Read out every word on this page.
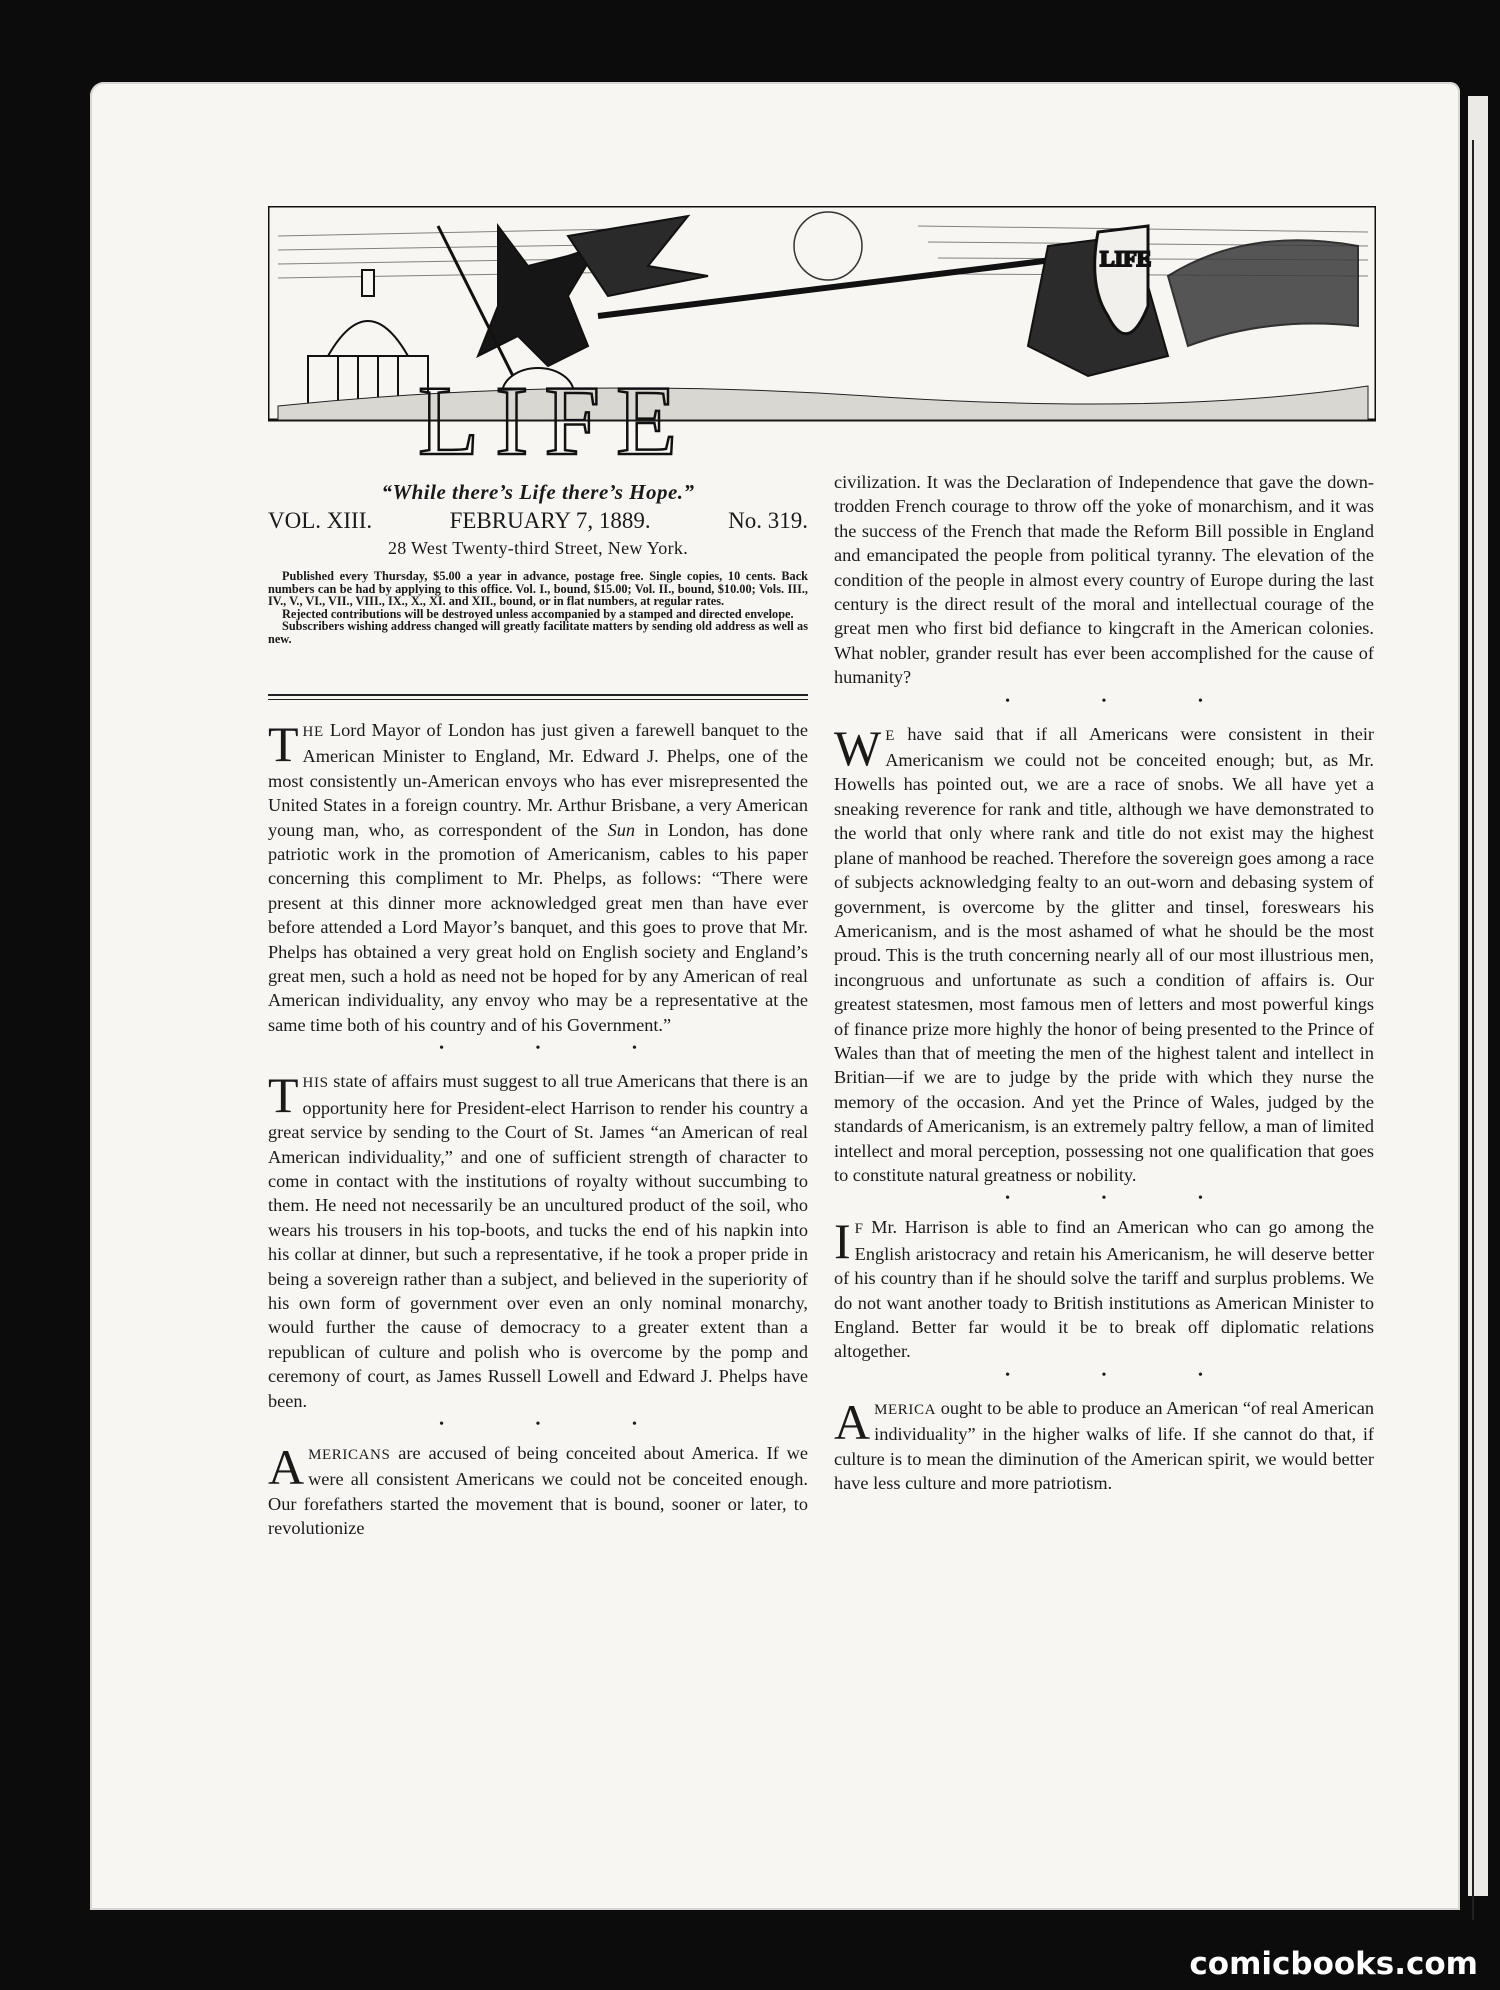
LIFE
LIFE
“While there’s Life there’s Hope.”
VOL. XIII.	FEBRUARY 7, 1889.	No. 319.
28 West Twenty-third Street, New York.

Published every Thursday, $5.00 a year in advance, postage free. Single copies, 10 cents. Back numbers can be had by applying to this office. Vol. I., bound, $15.00; Vol. II., bound, $10.00; Vols. III., IV., V., VI., VII., VIII., IX., X., XI. and XII., bound, or in flat numbers, at regular rates.

Rejected contributions will be destroyed unless accompanied by a stamped and directed envelope.

Subscribers wishing address changed will greatly facilitate matters by sending old address as well as new.

THE Lord Mayor of London has just given a farewell banquet to the American Minister to England, Mr. Edward J. Phelps, one of the most consistently un-American envoys who has ever misrepresented the United States in a foreign country. Mr. Arthur Brisbane, a very American young man, who, as correspondent of the Sun in London, has done patriotic work in the promotion of Americanism, cables to his paper concerning this compliment to Mr. Phelps, as follows: “There were present at this dinner more acknowledged great men than have ever before attended a Lord Mayor’s banquet, and this goes to prove that Mr. Phelps has obtained a very great hold on English society and England’s great men, such a hold as need not be hoped for by any American of real American individuality, any envoy who may be a representative at the same time both of his country and of his Government.”

• • •

THIS state of affairs must suggest to all true Americans that there is an opportunity here for President-elect Harrison to render his country a great service by sending to the Court of St. James “an American of real American individuality,” and one of sufficient strength of character to come in contact with the institutions of royalty without succumbing to them. He need not necessarily be an uncultured product of the soil, who wears his trousers in his top-boots, and tucks the end of his napkin into his collar at dinner, but such a representative, if he took a proper pride in being a sovereign rather than a subject, and believed in the superiority of his own form of government over even an only nominal monarchy, would further the cause of democracy to a greater extent than a republican of culture and polish who is overcome by the pomp and ceremony of court, as James Russell Lowell and Edward J. Phelps have been.

• • •

AMERICANS are accused of being conceited about America. If we were all consistent Americans we could not be conceited enough. Our forefathers started the movement that is bound, sooner or later, to revolutionize

civilization. It was the Declaration of Independence that gave the down-trodden French courage to throw off the yoke of monarchism, and it was the success of the French that made the Reform Bill possible in England and emancipated the people from political tyranny. The elevation of the condition of the people in almost every country of Europe during the last century is the direct result of the moral and intellectual courage of the great men who first bid defiance to kingcraft in the American colonies. What nobler, grander result has ever been accomplished for the cause of humanity?

• • •

W E have said that if all Americans were consistent in their Americanism we could not be conceited enough; but, as Mr. Howells has pointed out, we are a race of snobs. We all have yet a sneaking reverence for rank and title, although we have demonstrated to the world that only where rank and title do not exist may the highest plane of manhood be reached. Therefore the sovereign goes among a race of subjects acknowledging fealty to an out-worn and debasing system of government, is overcome by the glitter and tinsel, foreswears his Americanism, and is the most ashamed of what he should be the most proud. This is the truth concerning nearly all of our most illustrious men, incongruous and unfortunate as such a condition of affairs is. Our greatest statesmen, most famous men of letters and most powerful kings of finance prize more highly the honor of being presented to the Prince of Wales than that of meeting the men of the highest talent and intellect in Britian—if we are to judge by the pride with which they nurse the memory of the occasion. And yet the Prince of Wales, judged by the standards of Americanism, is an extremely paltry fellow, a man of limited intellect and moral perception, possessing not one qualification that goes to constitute natural greatness or nobility.

• • •

I F Mr. Harrison is able to find an American who can go among the English aristocracy and retain his Americanism, he will deserve better of his country than if he should solve the tariff and surplus problems. We do not want another toady to British institutions as American Minister to England. Better far would it be to break off diplomatic relations altogether.

• • •

AMERICA ought to be able to produce an American “of real American individuality” in the higher walks of life. If she cannot do that, if culture is to mean the diminution of the American spirit, we would better have less culture and more patriotism.

comicbooks.com
